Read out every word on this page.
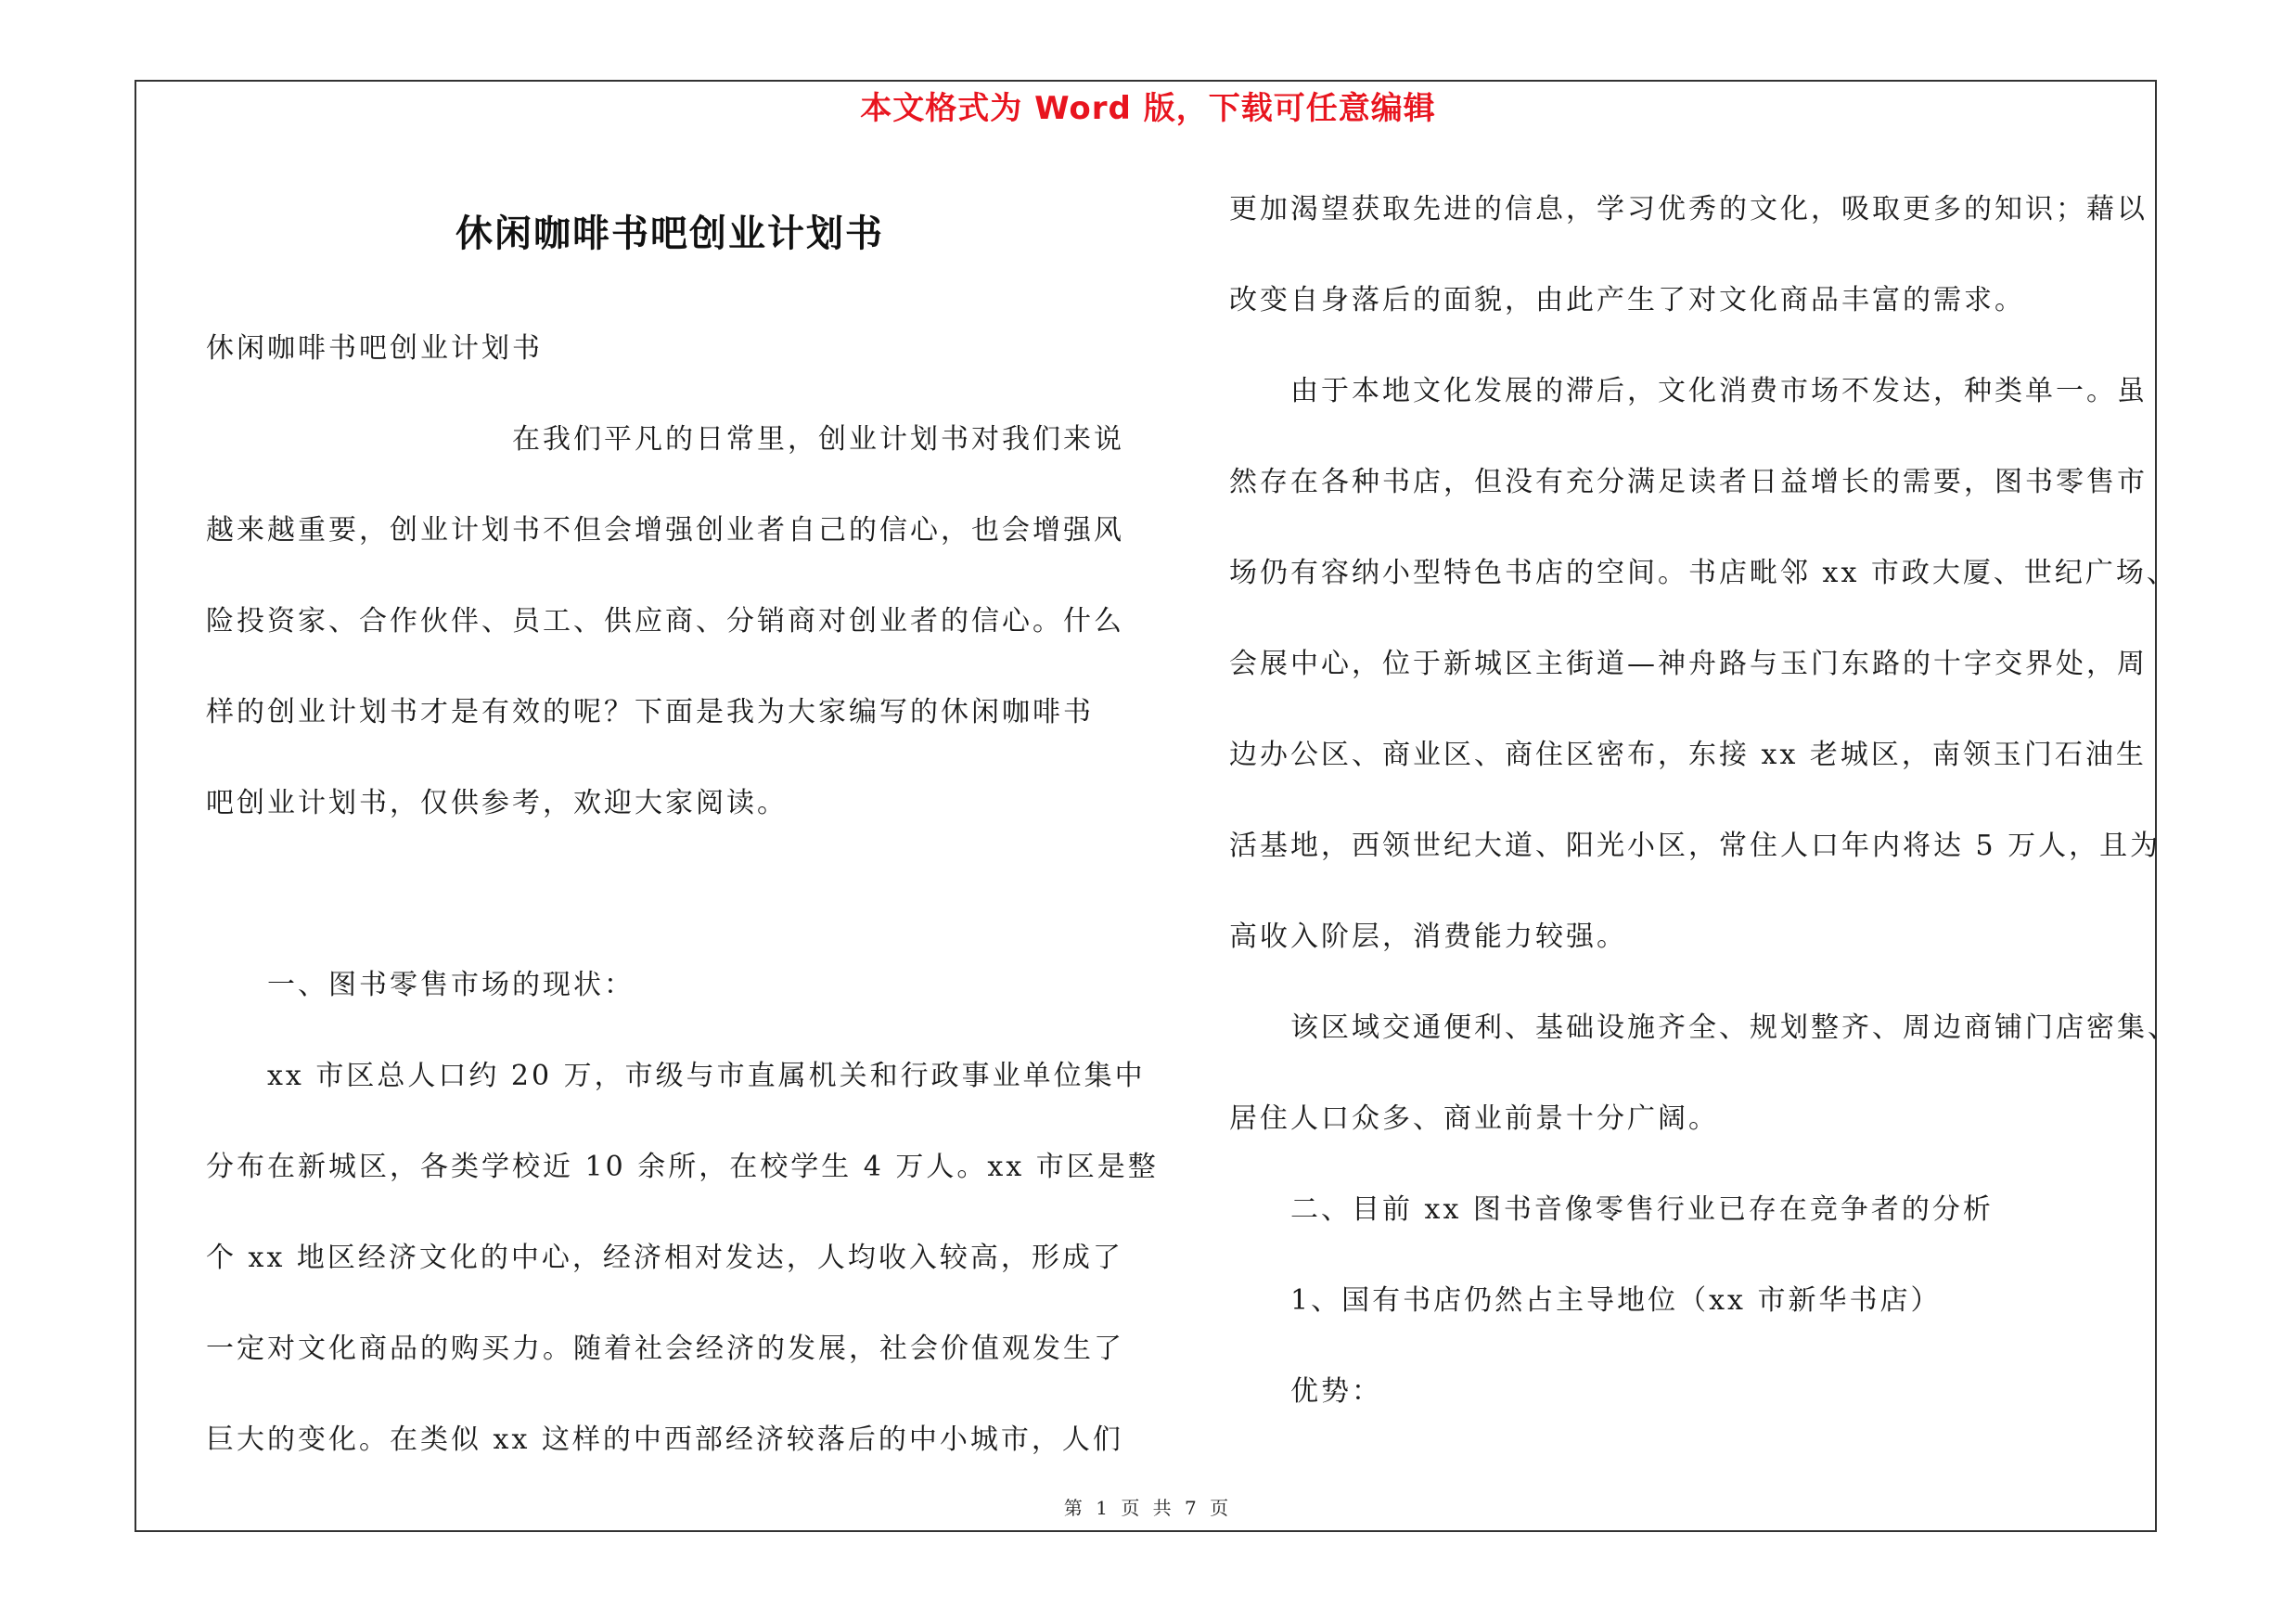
本文格式为 Word 版，下载可任意编辑
休闲咖啡书吧创业计划书
休闲咖啡书吧创业计划书
　　　　　　　　　　在我们平凡的日常里，创业计划书对我们来说
越来越重要，创业计划书不但会增强创业者自己的信心，也会增强风
险投资家、合作伙伴、员工、供应商、分销商对创业者的信心。什么
样的创业计划书才是有效的呢？下面是我为大家编写的休闲咖啡书
吧创业计划书，仅供参考，欢迎大家阅读。
　　一、图书零售市场的现状：
　　xx 市区总人口约 20 万，市级与市直属机关和行政事业单位集中
分布在新城区，各类学校近 10 余所，在校学生 4 万人。xx 市区是整
个 xx 地区经济文化的中心，经济相对发达，人均收入较高，形成了
一定对文化商品的购买力。随着社会经济的发展，社会价值观发生了
巨大的变化。在类似 xx 这样的中西部经济较落后的中小城市，人们
更加渴望获取先进的信息，学习优秀的文化，吸取更多的知识；藉以
改变自身落后的面貌，由此产生了对文化商品丰富的需求。
　　由于本地文化发展的滞后，文化消费市场不发达，种类单一。虽
然存在各种书店，但没有充分满足读者日益增长的需要，图书零售市
场仍有容纳小型特色书店的空间。书店毗邻 xx 市政大厦、世纪广场、
会展中心，位于新城区主街道—神舟路与玉门东路的十字交界处，周
边办公区、商业区、商住区密布，东接 xx 老城区，南领玉门石油生
活基地，西领世纪大道、阳光小区，常住人口年内将达 5 万人，且为
高收入阶层，消费能力较强。
　　该区域交通便利、基础设施齐全、规划整齐、周边商铺门店密集、
居住人口众多、商业前景十分广阔。
　　二、目前 xx 图书音像零售行业已存在竞争者的分析
　　1、国有书店仍然占主导地位（xx 市新华书店）
　　优势：
第 1 页 共 7 页
